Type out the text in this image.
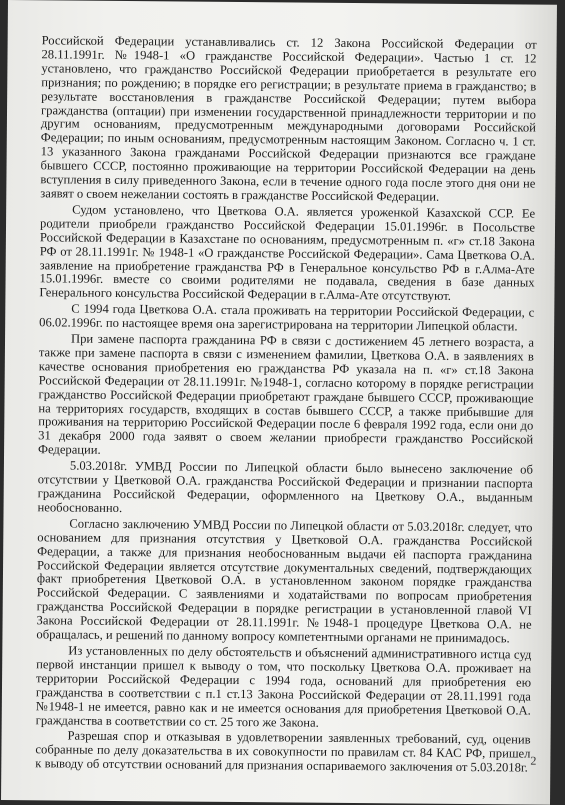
Российской Федерации устанавливались ст. 12 Закона Российской Федерации от 28.11.1991г. №1948-1 «О гражданстве Российской Федерации». Частью 1 ст. 12 установлено, что гражданство Российской Федерации приобретается в результате его признания; по рождению; в порядке его регистрации; в результате приема в гражданство; в результате восстановления в гражданстве Российской Федерации; путем выбора гражданства (оптации) при изменении государственной принадлежности территории и по другим основаниям, предусмотренным международными договорами Российской Федерации; по иным основаниям, предусмотренным настоящим Законом. Согласно ч. 1 ст. 13 указанного Закона гражданами Российской Федерации признаются все граждане бывшего СССР, постоянно проживающие на территории Российской Федерации на день вступления в силу приведенного Закона, если в течение одного года после этого дня они не заявят о своем нежелании состоять в гражданстве Российской Федерации.

Судом установлено, что Цветкова О.А. является уроженкой Казахской ССР. Ее родители приобрели гражданство Российской Федерации 15.01.1996г. в Посольстве Российской Федерации в Казахстане по основаниям, предусмотренным п. «г» ст.18 Закона РФ от 28.11.1991г. № 1948-1 «О гражданстве Российской Федерации». Сама Цветкова О.А. заявление на приобретение гражданства РФ в Генеральное консульство РФ в г.Алма-Ате 15.01.1996г. вместе со своими родителями не подавала, сведения в базе данных Генерального консульства Российской Федерации в г.Алма-Ате отсутствуют.

С 1994 года Цветкова О.А. стала проживать на территории Российской Федерации, с 06.02.1996г. по настоящее время она зарегистрирована на территории Липецкой области.

При замене паспорта гражданина РФ в связи с достижением 45 летнего возраста, а также при замене паспорта в связи с изменением фамилии, Цветкова О.А. в заявлениях в качестве основания приобретения ею гражданства РФ указала на п. «г» ст.18 Закона Российской Федерации от 28.11.1991г. №1948-1, согласно которому в порядке регистрации гражданство Российской Федерации приобретают граждане бывшего СССР, проживающие на территориях государств, входящих в состав бывшего СССР, а также прибывшие для проживания на территорию Российской Федерации после 6 февраля 1992 года, если они до 31 декабря 2000 года заявят о своем желании приобрести гражданство Российской Федерации.

5.03.2018г. УМВД России по Липецкой области было вынесено заключение об отсутствии у Цветковой О.А. гражданства Российской Федерации и признании паспорта гражданина Российской Федерации, оформленного на Цветкову О.А., выданным необоснованно.

Согласно заключению УМВД России по Липецкой области от 5.03.2018г. следует, что основанием для признания отсутствия у Цветковой О.А. гражданства Российской Федерации, а также для признания необоснованным выдачи ей паспорта гражданина Российской Федерации является отсутствие документальных сведений, подтверждающих факт приобретения Цветковой О.А. в установленном законом порядке гражданства Российской Федерации. С заявлениями и ходатайствами по вопросам приобретения гражданства Российской Федерации в порядке регистрации в установленной главой VI Закона Российской Федерации от 28.11.1991г. №1948-1 процедуре Цветкова О.А. не обращалась, и решений по данному вопросу компетентными органами не принимадось.

Из установленных по делу обстоятельств и объяснений административного истца суд первой инстанции пришел к выводу о том, что поскольку Цветкова О.А. проживает на территории Российской Федерации с 1994 года, оснований для приобретения ею гражданства в соответствии с п.1 ст.13 Закона Российской Федерации от 28.11.1991 года №1948-1 не имеется, равно как и не имеется основания для приобретения Цветковой О.А. гражданства в соответствии со ст. 25 того же Закона.

Разрешая спор и отказывая в удовлетворении заявленных требований, суд, оценив собранные по делу доказательства в их совокупности по правилам ст. 84 КАС РФ, пришел к выводу об отсутствии оснований для признания оспариваемого заключения от 5.03.2018г. 2
